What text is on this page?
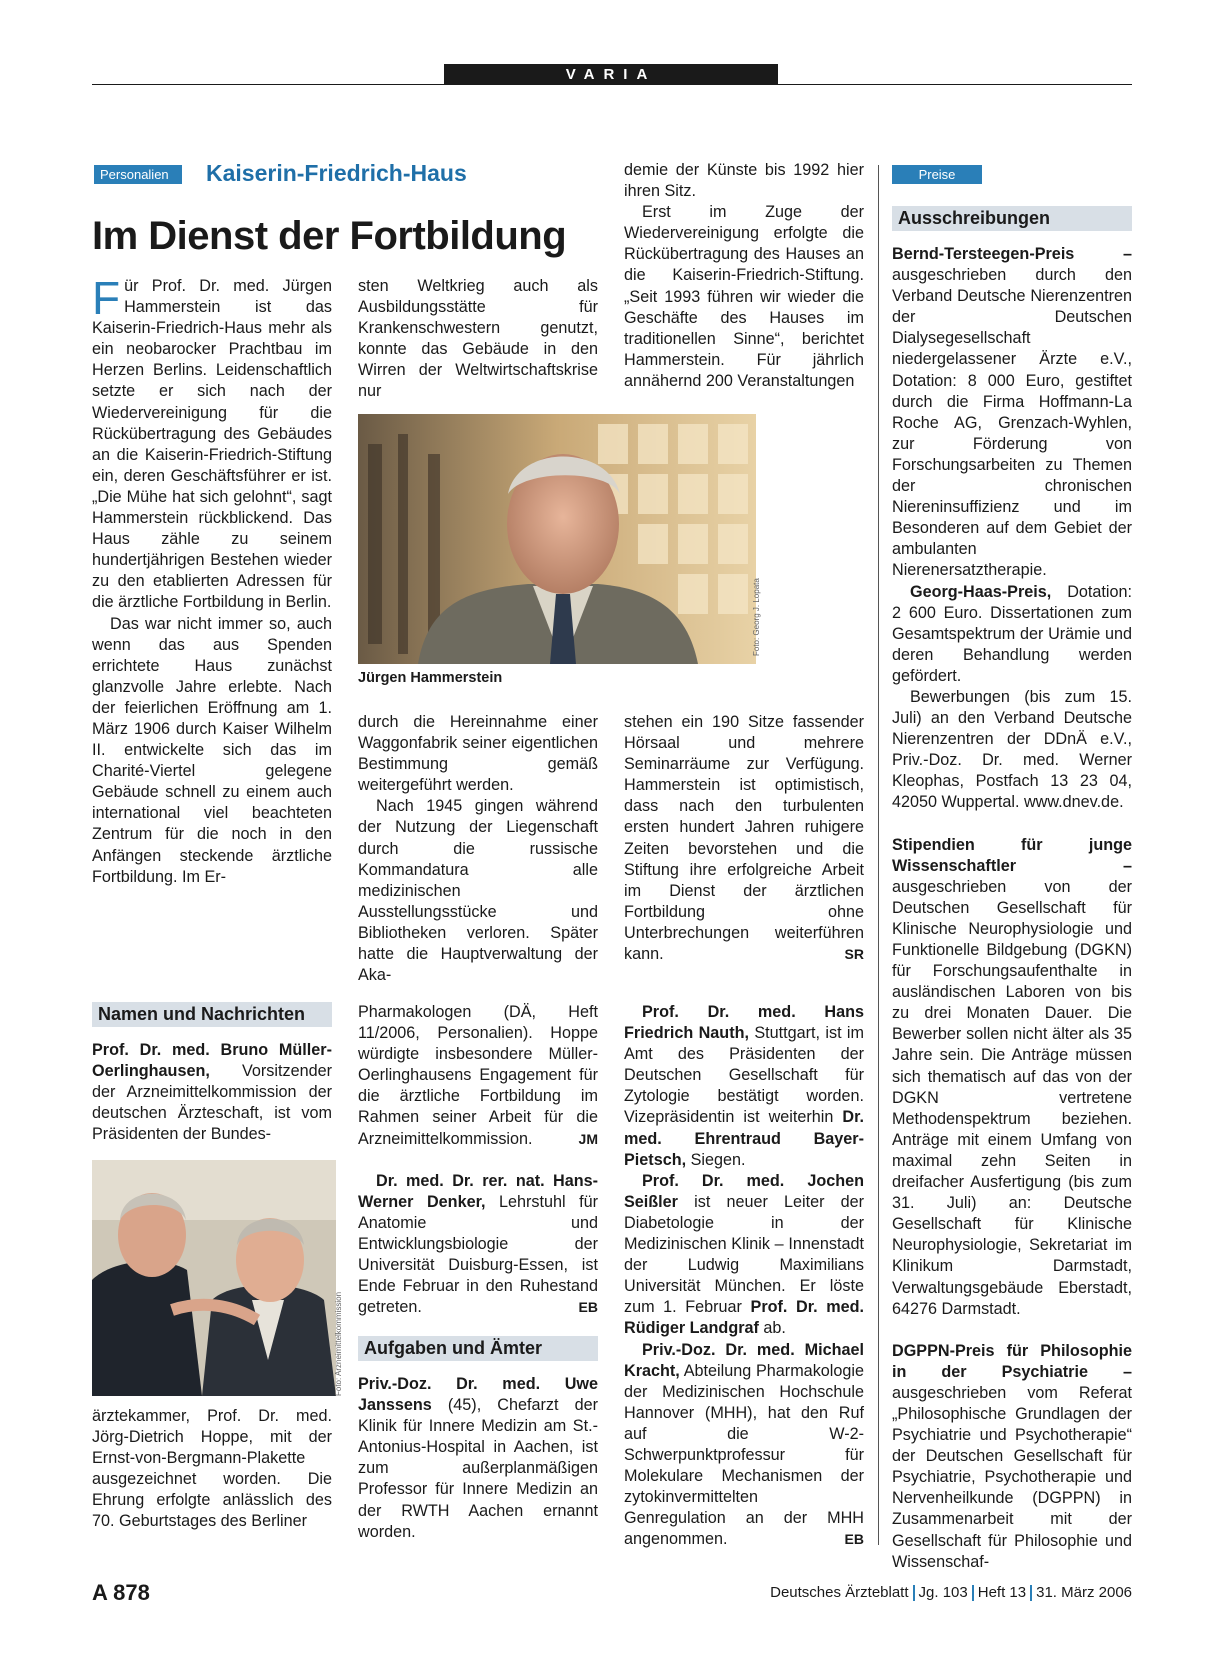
VARIA
Personalien	Kaiserin-Friedrich-Haus
Im Dienst der Fortbildung

Für Prof. Dr. med. Jürgen Hammerstein ist das Kaiserin-Friedrich-Haus mehr als ein neobarocker Prachtbau im Herzen Berlins. Leidenschaftlich setzte er sich nach der Wiedervereinigung für die Rückübertragung des Gebäudes an die Kaiserin-Friedrich-Stiftung ein, deren Geschäftsführer er ist. „Die Mühe hat sich gelohnt“, sagt Hammerstein rückblickend. Das Haus zähle zu seinem hundertjährigen Bestehen wieder zu den etablierten Adressen für die ärztliche Fortbildung in Berlin.

Das war nicht immer so, auch wenn das aus Spenden errichtete Haus zunächst glanzvolle Jahre erlebte. Nach der feierlichen Eröffnung am 1. März 1906 durch Kaiser Wilhelm II. entwickelte sich das im Charité-Viertel gelegene Gebäude schnell zu einem auch international viel beachteten Zentrum für die noch in den Anfängen steckende ärztliche Fortbildung. Im Er-

sten Weltkrieg auch als Ausbildungsstätte für Krankenschwestern genutzt, konnte das Gebäude in den Wirren der Weltwirtschaftskrise nur

demie der Künste bis 1992 hier ihren Sitz.

Erst im Zuge der Wiedervereinigung erfolgte die Rückübertragung des Hauses an die Kaiserin-Friedrich-Stiftung. „Seit 1993 führen wir wieder die Geschäfte des Hauses im traditionellen Sinne“, berichtet Hammerstein. Für jährlich annähernd 200 Veranstaltungen

Foto: Georg J. Lopata
Jürgen Hammerstein

durch die Hereinnahme einer Waggonfabrik seiner eigentlichen Bestimmung gemäß weitergeführt werden.

Nach 1945 gingen während der Nutzung der Liegenschaft durch die russische Kommandatura alle medizinischen Ausstellungsstücke und Bibliotheken verloren. Später hatte die Hauptverwaltung der Aka-

stehen ein 190 Sitze fassender Hörsaal und mehrere Seminarräume zur Verfügung. Hammerstein ist optimistisch, dass nach den turbulenten ersten hundert Jahren ruhigere Zeiten bevorstehen und die Stiftung ihre erfolgreiche Arbeit im Dienst der ärztlichen Fortbildung ohne Unterbrechungen weiterführen kann.	SR

Namen und Nachrichten

Prof. Dr. med. Bruno Müller-Oerlinghausen, Vorsitzender der Arzneimittelkommission der deutschen Ärzteschaft, ist vom Präsidenten der Bundes-

Foto: Arzneimittelkommission

ärztekammer, Prof. Dr. med. Jörg-Dietrich Hoppe, mit der Ernst-von-Bergmann-Plakette ausgezeichnet worden. Die Ehrung erfolgte anlässlich des 70. Geburtstages des Berliner

Pharmakologen (DÄ, Heft 11/2006, Personalien). Hoppe würdigte insbesondere Müller-Oerlinghausens Engagement für die ärztliche Fortbildung im Rahmen seiner Arbeit für die Arzneimittelkommission.	JM

Dr. med. Dr. rer. nat. Hans-Werner Denker, Lehrstuhl für Anatomie und Entwicklungsbiologie der Universität Duisburg-Essen, ist Ende Februar in den Ruhestand getreten.	EB

Aufgaben und Ämter

Priv.-Doz. Dr. med. Uwe Janssens (45), Chefarzt der Klinik für Innere Medizin am St.-Antonius-Hospital in Aachen, ist zum außerplanmäßigen Professor für Innere Medizin an der RWTH Aachen ernannt worden.

Prof. Dr. med. Hans Friedrich Nauth, Stuttgart, ist im Amt des Präsidenten der Deutschen Gesellschaft für Zytologie bestätigt worden. Vizepräsidentin ist weiterhin Dr. med. Ehrentraud Bayer-Pietsch, Siegen.

Prof. Dr. med. Jochen Seißler ist neuer Leiter der Diabetologie in der Medizinischen Klinik – Innenstadt der Ludwig Maximilians Universität München. Er löste zum 1. Februar Prof. Dr. med. Rüdiger Landgraf ab.

Priv.-Doz. Dr. med. Michael Kracht, Abteilung Pharmakologie der Medizinischen Hochschule Hannover (MHH), hat den Ruf auf die W-2-Schwerpunktprofessur für Molekulare Mechanismen der zytokinvermittelten Genregulation an der MHH angenommen.	EB

Preise
Ausschreibungen

Bernd-Tersteegen-Preis – ausgeschrieben durch den Verband Deutsche Nierenzentren der Deutschen Dialysegesellschaft niedergelassener Ärzte e.V., Dotation: 8 000 Euro, gestiftet durch die Firma Hoffmann-La Roche AG, Grenzach-Wyhlen, zur Förderung von Forschungsarbeiten zu Themen der chronischen Niereninsuffizienz und im Besonderen auf dem Gebiet der ambulanten Nierenersatztherapie.

Georg-Haas-Preis, Dotation: 2 600 Euro. Dissertationen zum Gesamtspektrum der Urämie und deren Behandlung werden gefördert.

Bewerbungen (bis zum 15. Juli) an den Verband Deutsche Nierenzentren der DDnÄ e.V., Priv.-Doz. Dr. med. Werner Kleophas, Postfach 13 23 04, 42050 Wuppertal. www.dnev.de.

Stipendien für junge Wissenschaftler – ausgeschrieben von der Deutschen Gesellschaft für Klinische Neurophysiologie und Funktionelle Bildgebung (DGKN) für Forschungsaufenthalte in ausländischen Laboren von bis zu drei Monaten Dauer. Die Bewerber sollen nicht älter als 35 Jahre sein. Die Anträge müssen sich thematisch auf das von der DGKN vertretene Methodenspektrum beziehen. Anträge mit einem Umfang von maximal zehn Seiten in dreifacher Ausfertigung (bis zum 31. Juli) an: Deutsche Gesellschaft für Klinische Neurophysiologie, Sekretariat im Klinikum Darmstadt, Verwaltungsgebäude Eberstadt, 64276 Darmstadt.

DGPPN-Preis für Philosophie in der Psychiatrie – ausgeschrieben vom Referat „Philosophische Grundlagen der Psychiatrie und Psychotherapie“ der Deutschen Gesellschaft für Psychiatrie, Psychotherapie und Nervenheilkunde (DGPPN) in Zusammenarbeit mit der Gesellschaft für Philosophie und Wissenschaf-

A 878	Deutsches Ärzteblatt Jg. 103 Heft 13 31. März 2006
